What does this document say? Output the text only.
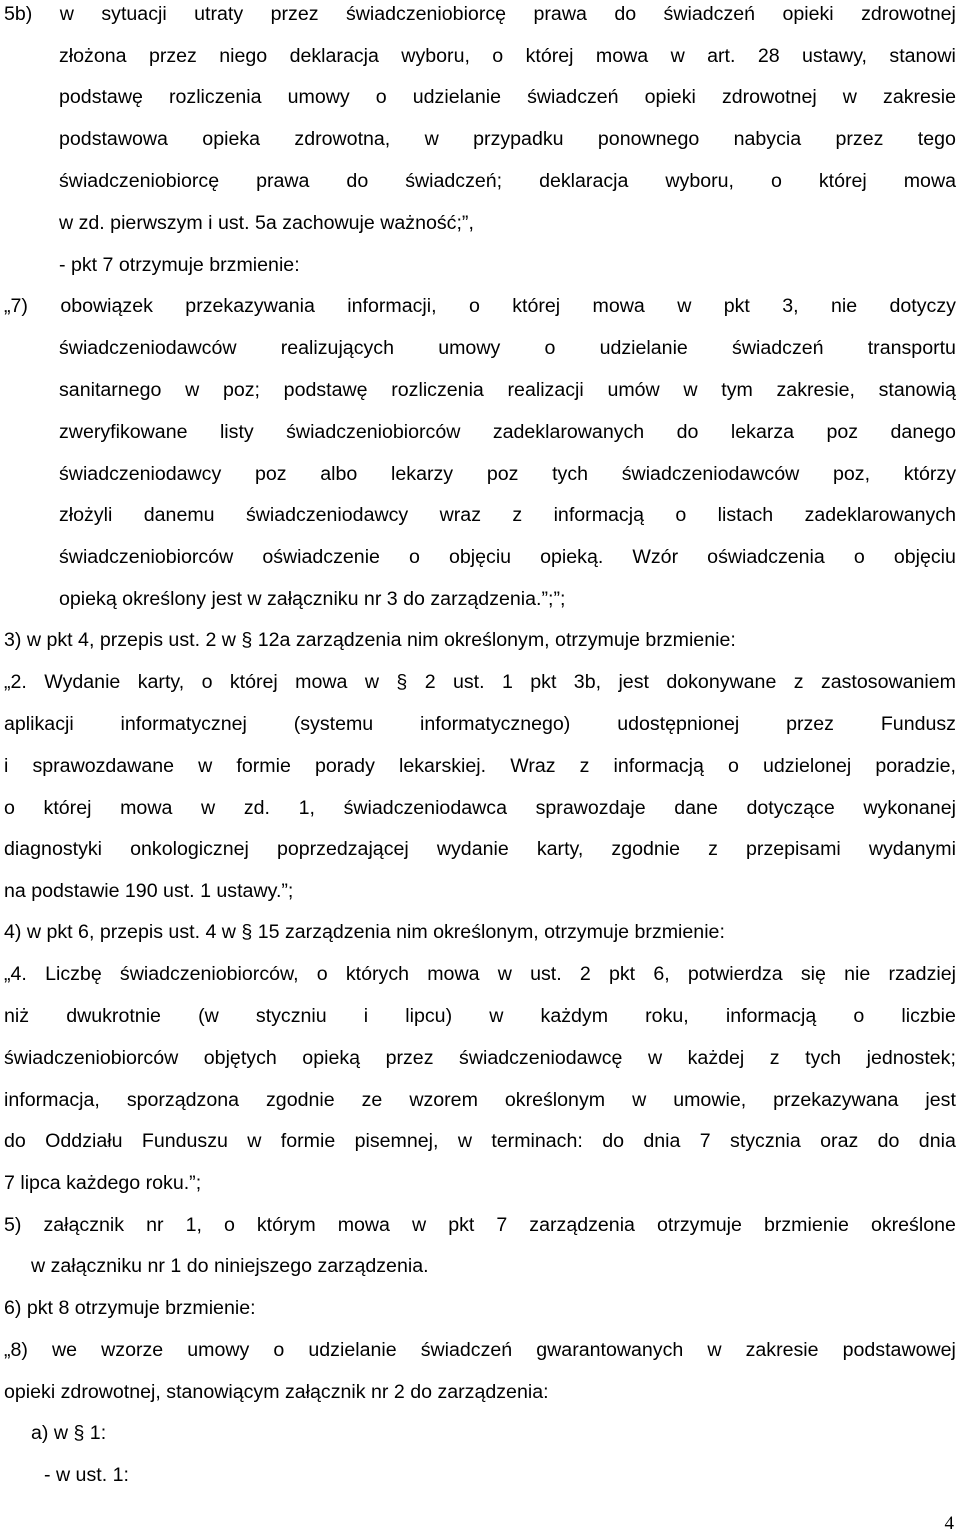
5b) w sytuacji utraty przez świadczeniobiorcę prawa do świadczeń opieki zdrowotnej
złożona przez niego deklaracja wyboru, o której mowa w art. 28 ustawy, stanowi
podstawę rozliczenia umowy o udzielanie świadczeń opieki zdrowotnej w zakresie
podstawowa opieka zdrowotna, w przypadku ponownego nabycia przez tego
świadczeniobiorcę prawa do świadczeń; deklaracja wyboru, o której mowa
w zd. pierwszym i ust. 5a zachowuje ważność;”,
- pkt 7 otrzymuje brzmienie:
„7) obowiązek przekazywania informacji, o której mowa w pkt 3, nie dotyczy
świadczeniodawców realizujących umowy o udzielanie świadczeń transportu
sanitarnego w poz; podstawę rozliczenia realizacji umów w tym zakresie, stanowią
zweryfikowane listy świadczeniobiorców zadeklarowanych do lekarza poz danego
świadczeniodawcy poz albo lekarzy poz tych świadczeniodawców poz, którzy
złożyli danemu świadczeniodawcy wraz z informacją o listach zadeklarowanych
świadczeniobiorców oświadczenie o objęciu opieką. Wzór oświadczenia o objęciu
opieką określony jest w załączniku nr 3 do zarządzenia.”;”;
3) w pkt 4, przepis ust. 2 w § 12a zarządzenia nim określonym, otrzymuje brzmienie:
„2. Wydanie karty, o której mowa w § 2 ust. 1 pkt 3b, jest dokonywane z zastosowaniem
aplikacji informatycznej (systemu informatycznego) udostępnionej przez Fundusz
i sprawozdawane w formie porady lekarskiej. Wraz z informacją o udzielonej poradzie,
o której mowa w zd. 1, świadczeniodawca sprawozdaje dane dotyczące wykonanej
diagnostyki onkologicznej poprzedzającej wydanie karty, zgodnie z przepisami wydanymi
na podstawie 190 ust. 1 ustawy.”;
4) w pkt 6, przepis ust. 4 w § 15 zarządzenia nim określonym, otrzymuje brzmienie:
„4. Liczbę świadczeniobiorców, o których mowa w ust. 2 pkt 6, potwierdza się nie rzadziej
niż dwukrotnie (w styczniu i lipcu) w każdym roku, informacją o liczbie
świadczeniobiorców objętych opieką przez świadczeniodawcę w każdej z tych jednostek;
informacja, sporządzona zgodnie ze wzorem określonym w umowie, przekazywana jest
do Oddziału Funduszu w formie pisemnej, w terminach: do dnia 7 stycznia oraz do dnia
7 lipca każdego roku.”;
5) załącznik nr 1, o którym mowa w pkt 7 zarządzenia otrzymuje brzmienie określone
w załączniku nr 1 do niniejszego zarządzenia.
6) pkt 8 otrzymuje brzmienie:
„8) we wzorze umowy o udzielanie świadczeń gwarantowanych w zakresie podstawowej
opieki zdrowotnej, stanowiącym załącznik nr 2 do zarządzenia:
a) w § 1:
- w ust. 1:
4
